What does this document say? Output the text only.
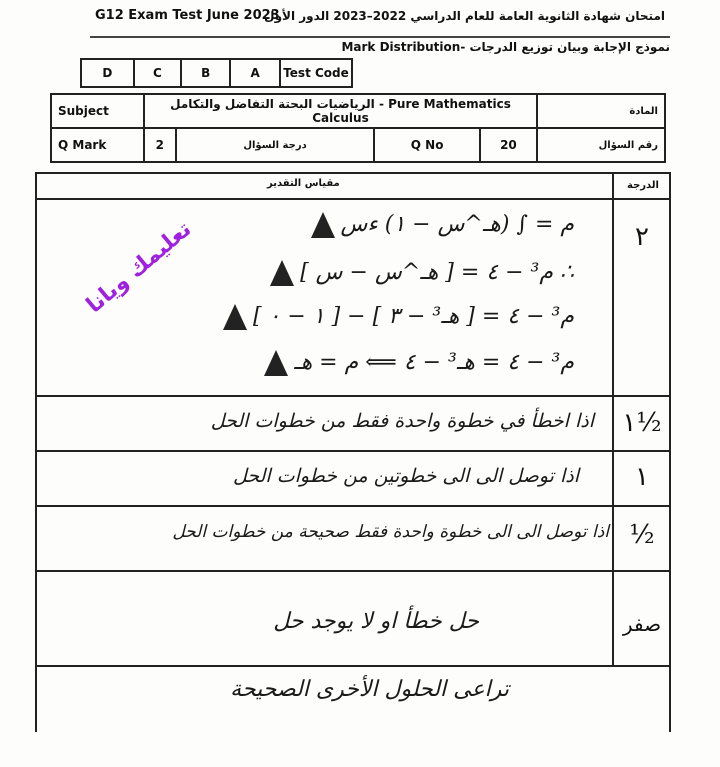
G12 Exam Test June 2023
امتحان شهادة الثانوية العامة للعام الدراسي 2022–2023 الدور الأول
نموذج الإجابة وبيان توزيع الدرجات -Mark Distribution
D	C	B	A	Test Code
Subject	الرياضيات البحتة التفاضل والتكامل - Pure Mathematics Calculus				المادة
Q Mark	2	درجة السؤال	Q No	20	رقم السؤال
مقياس التقدير	الدرجة
م = ∫ (هـ^س − ١) ءس
∴ م³ − ٤ = [ هـ^س − س ]
م³ − ٤ = [ هـ³ − ٣ ] − [ ١ − ٠ ]
م³ − ٤ = هـ³ − ٤ ⟸ م = هـ
٢
اذا اخطأ في خطوة واحدة فقط من خطوات الحل ١½
اذا توصل الى الى خطوتين من خطوات الحل	١
اذا توصل الى الى خطوة واحدة فقط صحيحة من خطوات الحل ½
حل خطأ او لا يوجد حل	صفر
تراعى الحلول الأخرى الصحيحة
تعليمك ويانا
